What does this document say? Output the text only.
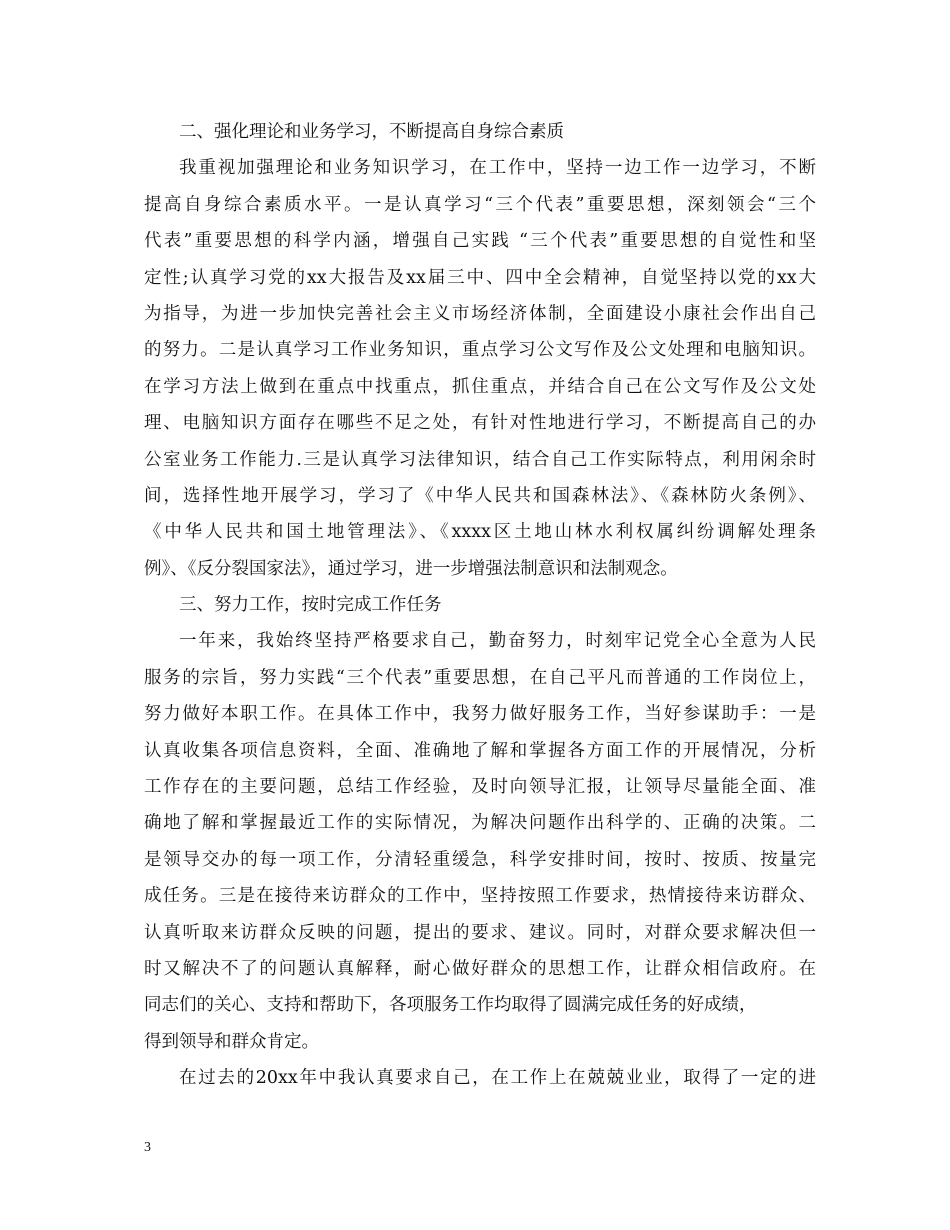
二、强化理论和业务学习，不断提高自身综合素质
我重视加强理论和业务知识学习，在工作中，坚持一边工作一边学习，不断
提高自身综合素质水平。一是认真学习“三个代表”重要思想，深刻领会“三个
代表”重要思想的科学内涵，增强自己实践 “三个代表”重要思想的自觉性和坚
定性;认真学习党的xx大报告及xx届三中、四中全会精神，自觉坚持以党的xx大
为指导，为进一步加快完善社会主义市场经济体制，全面建设小康社会作出自己
的努力。二是认真学习工作业务知识，重点学习公文写作及公文处理和电脑知识。
在学习方法上做到在重点中找重点，抓住重点，并结合自己在公文写作及公文处
理、电脑知识方面存在哪些不足之处，有针对性地进行学习，不断提高自己的办
公室业务工作能力.三是认真学习法律知识，结合自己工作实际特点，利用闲余时
间，选择性地开展学习，学习了《中华人民共和国森林法》、《森林防火条例》、
《中华人民共和国土地管理法》、《xxxx区土地山林水利权属纠纷调解处理条
例》、《反分裂国家法》，通过学习，进一步增强法制意识和法制观念。
三、努力工作，按时完成工作任务
一年来，我始终坚持严格要求自己，勤奋努力，时刻牢记党全心全意为人民
服务的宗旨，努力实践“三个代表”重要思想，在自己平凡而普通的工作岗位上，
努力做好本职工作。在具体工作中，我努力做好服务工作，当好参谋助手：一是
认真收集各项信息资料，全面、准确地了解和掌握各方面工作的开展情况，分析
工作存在的主要问题，总结工作经验，及时向领导汇报，让领导尽量能全面、准
确地了解和掌握最近工作的实际情况，为解决问题作出科学的、正确的决策。二
是领导交办的每一项工作，分清轻重缓急，科学安排时间，按时、按质、按量完
成任务。三是在接待来访群众的工作中，坚持按照工作要求，热情接待来访群众、
认真听取来访群众反映的问题，提出的要求、建议。同时，对群众要求解决但一
时又解决不了的问题认真解释，耐心做好群众的思想工作，让群众相信政府。在
同志们的关心、支持和帮助下，各项服务工作均取得了圆满完成任务的好成绩，
得到领导和群众肯定。
在过去的20xx年中我认真要求自己，在工作上在兢兢业业，取得了一定的进
3
